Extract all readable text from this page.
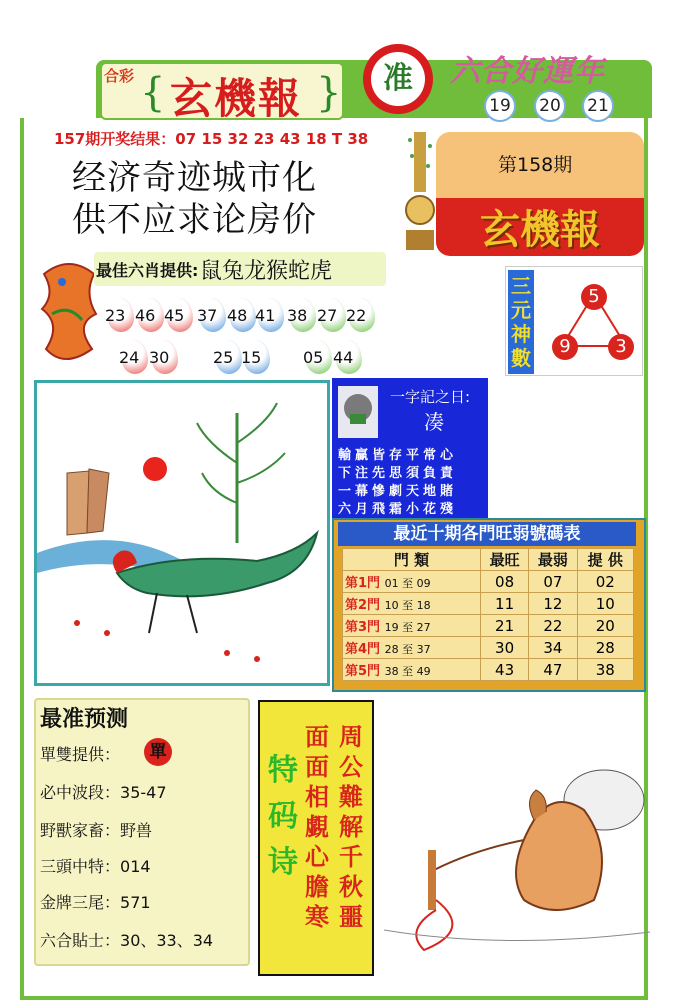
合彩 { 玄機報 }	准	六合好運年
19	20	21
157期开奖结果：07 15 32 23 43 18 T 38
经济奇迹城市化
供不应求论房价
第158期
玄機報
最佳六肖提供: 鼠兔龙猴蛇虎
23 46 45 37 48 41 38 27 22
24 30	25 15	05 44
三元神數
5
9	3
一字記之日:
凑
輸贏皆存平常心
下注先思須負責
一幕慘劇天地賭
六月飛霜小花殘
最近十期各門旺弱號碼表
門 類	最旺	最弱	提 供
第1門 01 至 09	08	07	02
第2門 10 至 18	11	12	10
第3門 19 至 27	21	22	20
第4門 28 至 37	30	34	28
第5門 38 至 49	43	47	38
最准预测
單雙提供：	單
必中波段：35-47
野獸家畜：野兽
三頭中特：014
金牌三尾：571
六合貼士：30、33、34
特
码
诗
周
公
難
解
千
秋
噩
面
面
相
覷
心
膽
寒
